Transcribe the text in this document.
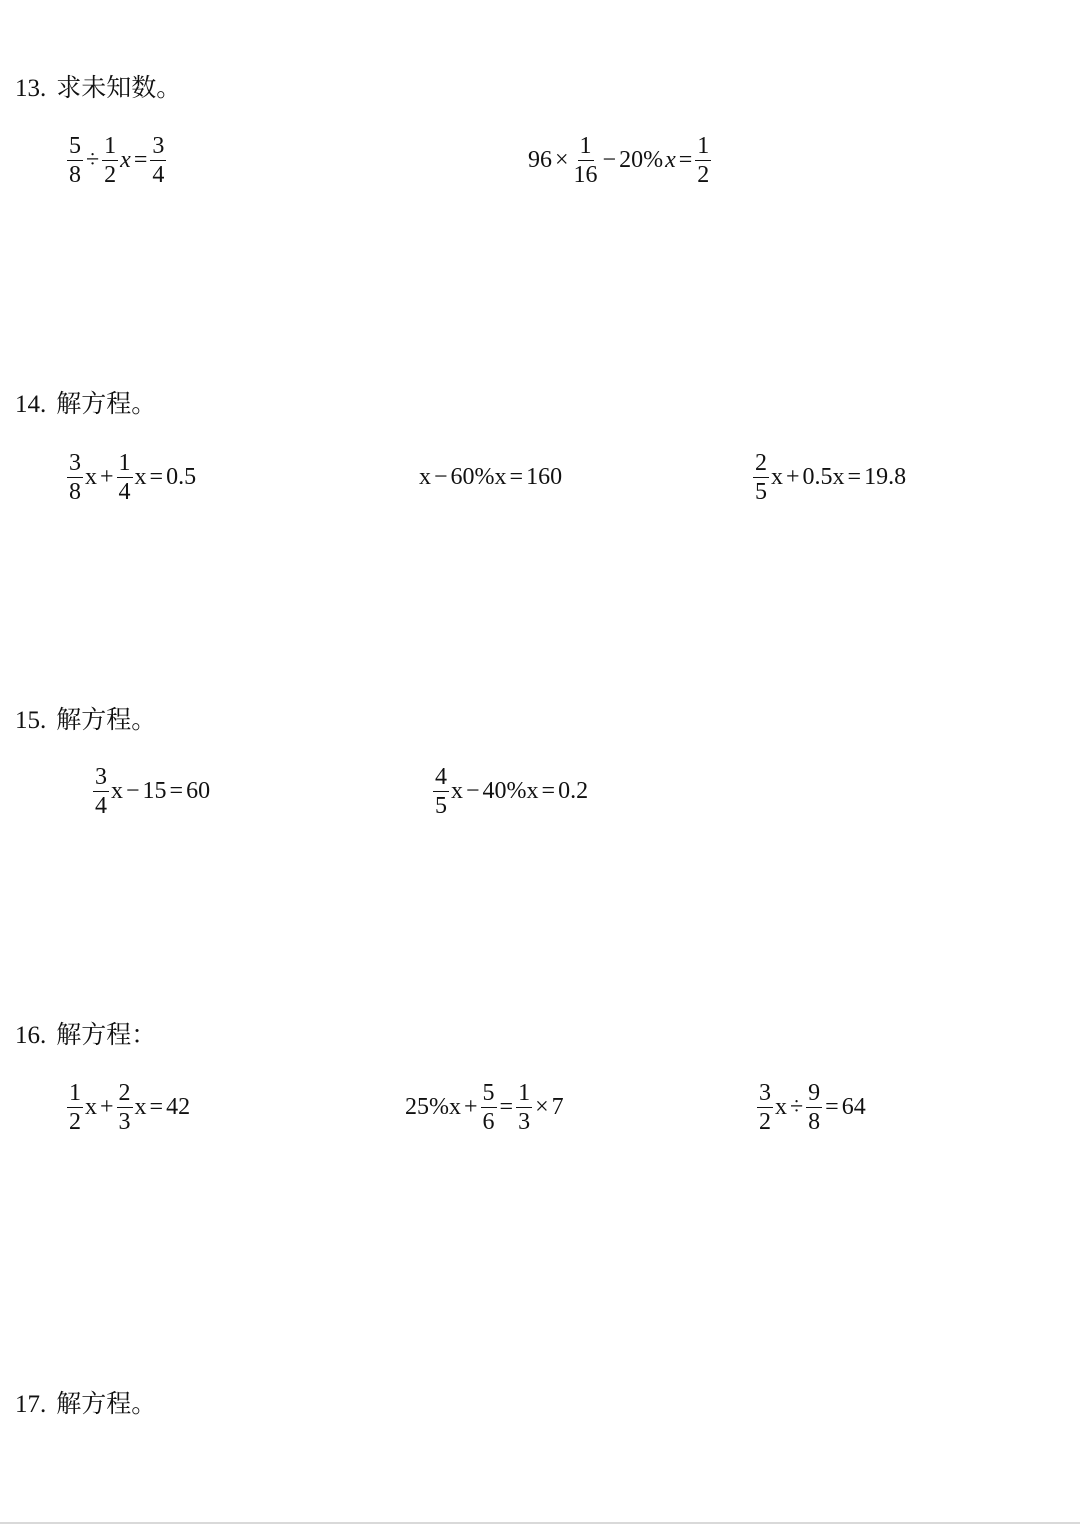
13. 求未知数。
$\frac{5}{8} \div \frac{1}{2}$ $x = \frac{3}{4}$	$96 \times \frac{1}{16} - 20\%$ $x = \frac{1}{2}$
14. 解方程。
$\frac{3}{8}$ $x + \frac{1}{4}$ x = 0.5	x − 60%x = 160	$\frac{2}{5}$ x + 0.5x = 19.8
15. 解方程。
$\frac{3}{4}$ x − 15 = 60	$\frac{4}{5}$ x − 40%x = 0.2
16. 解方程：
$\frac{1}{2}$ $x + \frac{2}{3}$ x = 42	$25\%x + \frac{5}{6} = \frac{1}{3} \times 7$	$\frac{3}{2}$ $x \div \frac{9}{8} = 64$
17. 解方程。
